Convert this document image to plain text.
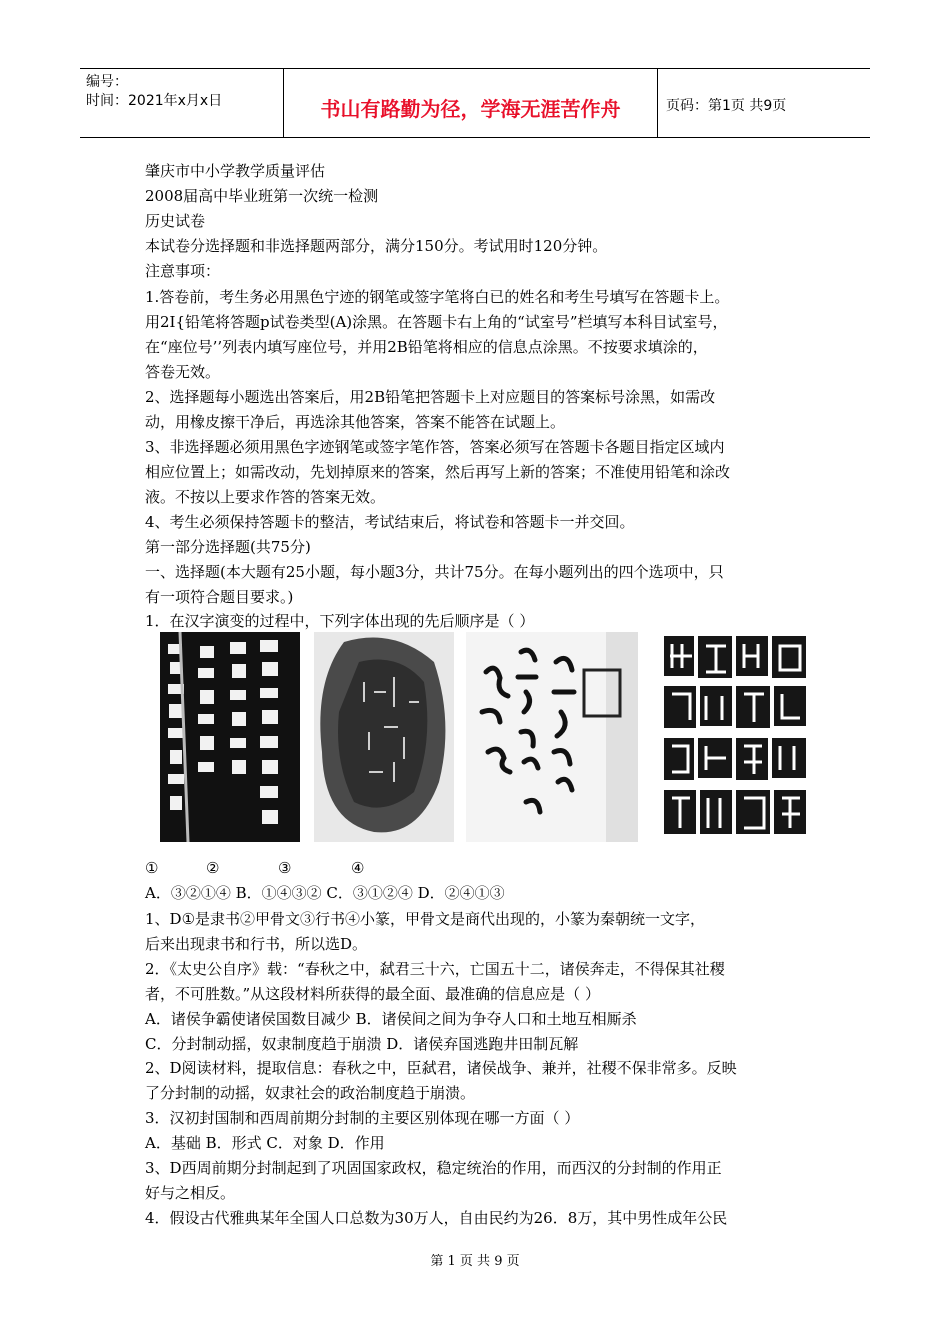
编号：
时间：2021年x月x日	书山有路勤为径，学海无涯苦作舟	页码：第1页 共9页
肇庆市中小学教学质量评估
2008届高中毕业班第一次统一检测
历史试卷
本试卷分选择题和非选择题两部分，满分150分。考试用时120分钟。
注意事项：
1.答卷前，考生务必用黑色宁迹的钢笔或签字笔将白已的姓名和考生号填写在答题卡上。
用2I{铅笔将答题p试卷类型(A)涂黑。在答题卡右上角的“试室号”栏填写本科目试室号，
在“座位号’’列表内填写座位号，并用2B铅笔将相应的信息点涂黑。不按要求填涂的，
答卷无效。
2、选择题每小题选出答案后，用2B铅笔把答题卡上对应题目的答案标号涂黑，如需改
动，用橡皮擦干净后，再选涂其他答案，答案不能答在试题上。
3、非选择题必须用黑色字迹钢笔或签字笔作答，答案必须写在答题卡各题目指定区域内
相应位置上；如需改动，先划掉原来的答案，然后再写上新的答案；不准使用铅笔和涂改
液。不按以上要求作答的答案无效。
4、考生必须保持答题卡的整洁，考试结束后，将试卷和答题卡一并交回。
第一部分选择题(共75分)
一、选择题(本大题有25小题，每小题3分，共计75分。在每小题列出的四个选项中，只
有一项符合题目要求。)
1．在汉字演变的过程中，下列字体出现的先后顺序是（ ）
①	②	③	④
A．③②①④ B．①④③② C．③①②④ D．②④①③
1、D①是隶书②甲骨文③行书④小篆，甲骨文是商代出现的，小篆为秦朝统一文字，
后来出现隶书和行书，所以选D。
2．《太史公自序》载：“春秋之中，弑君三十六，亡国五十二，诸侯奔走，不得保其社稷
者，不可胜数。”从这段材料所获得的最全面、最准确的信息应是（ ）
A．诸侯争霸使诸侯国数目减少 B．诸侯间之间为争夺人口和土地互相厮杀
C．分封制动摇，奴隶制度趋于崩溃 D．诸侯弃国逃跑井田制瓦解
2、D阅读材料，提取信息：春秋之中，臣弑君，诸侯战争、兼并，社稷不保非常多。反映
了分封制的动摇，奴隶社会的政治制度趋于崩溃。
3．汉初封国制和西周前期分封制的主要区别体现在哪一方面（ ）
A．基础 B．形式 C．对象 D．作用
3、D西周前期分封制起到了巩固国家政权，稳定统治的作用，而西汉的分封制的作用正
好与之相反。
4．假设古代雅典某年全国人口总数为30万人，自由民约为26．8万，其中男性成年公民
第 1 页 共 9 页
